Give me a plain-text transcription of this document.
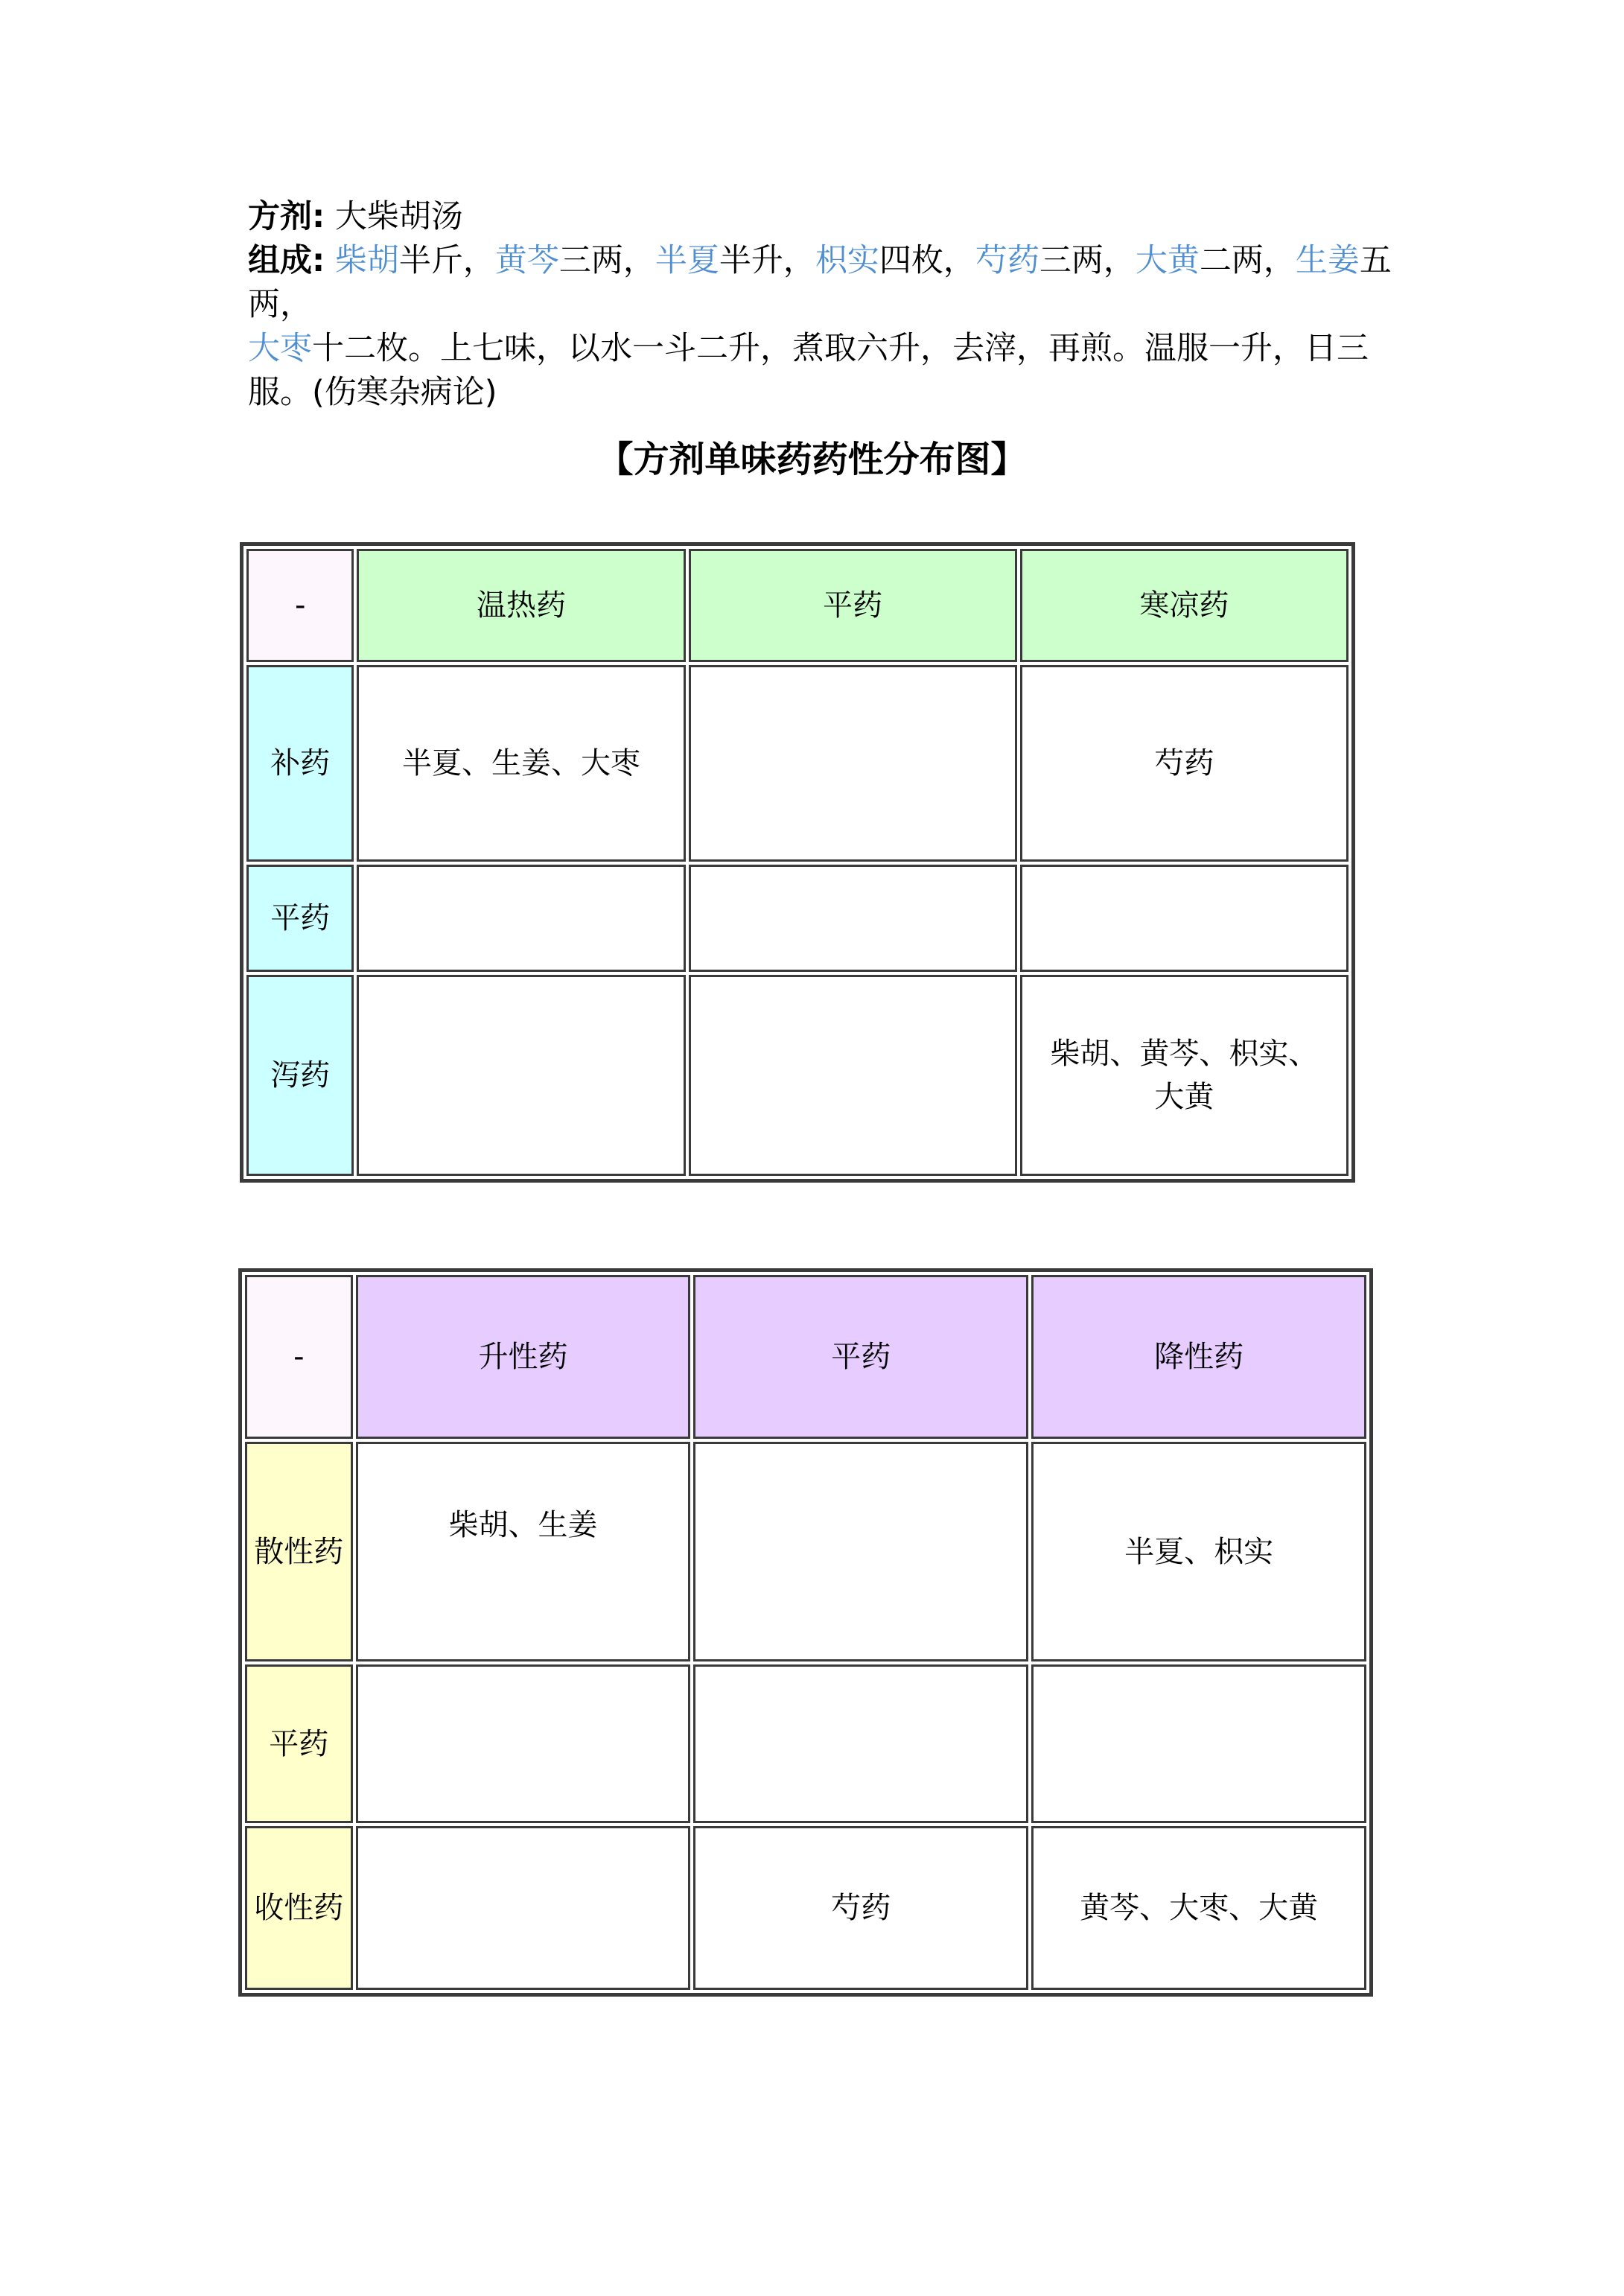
方剂: 大柴胡汤
组成: 柴胡半斤，黄芩三两，半夏半升，枳实四枚，芍药三两，大黄二两，生姜五两，
大枣十二枚。上七味，以水一斗二升，煮取六升，去滓，再煎。温服一升，日三服。(伤寒杂病论)
【方剂单味药药性分布图】
-	温热药	平药	寒凉药
补药	半夏、生姜、大枣		芍药
平药			
泻药			柴胡、黄芩、枳实、大黄
-	升性药	平药	降性药
散性药	柴胡、生姜		半夏、枳实
平药			
收性药		芍药	黄芩、大枣、大黄
